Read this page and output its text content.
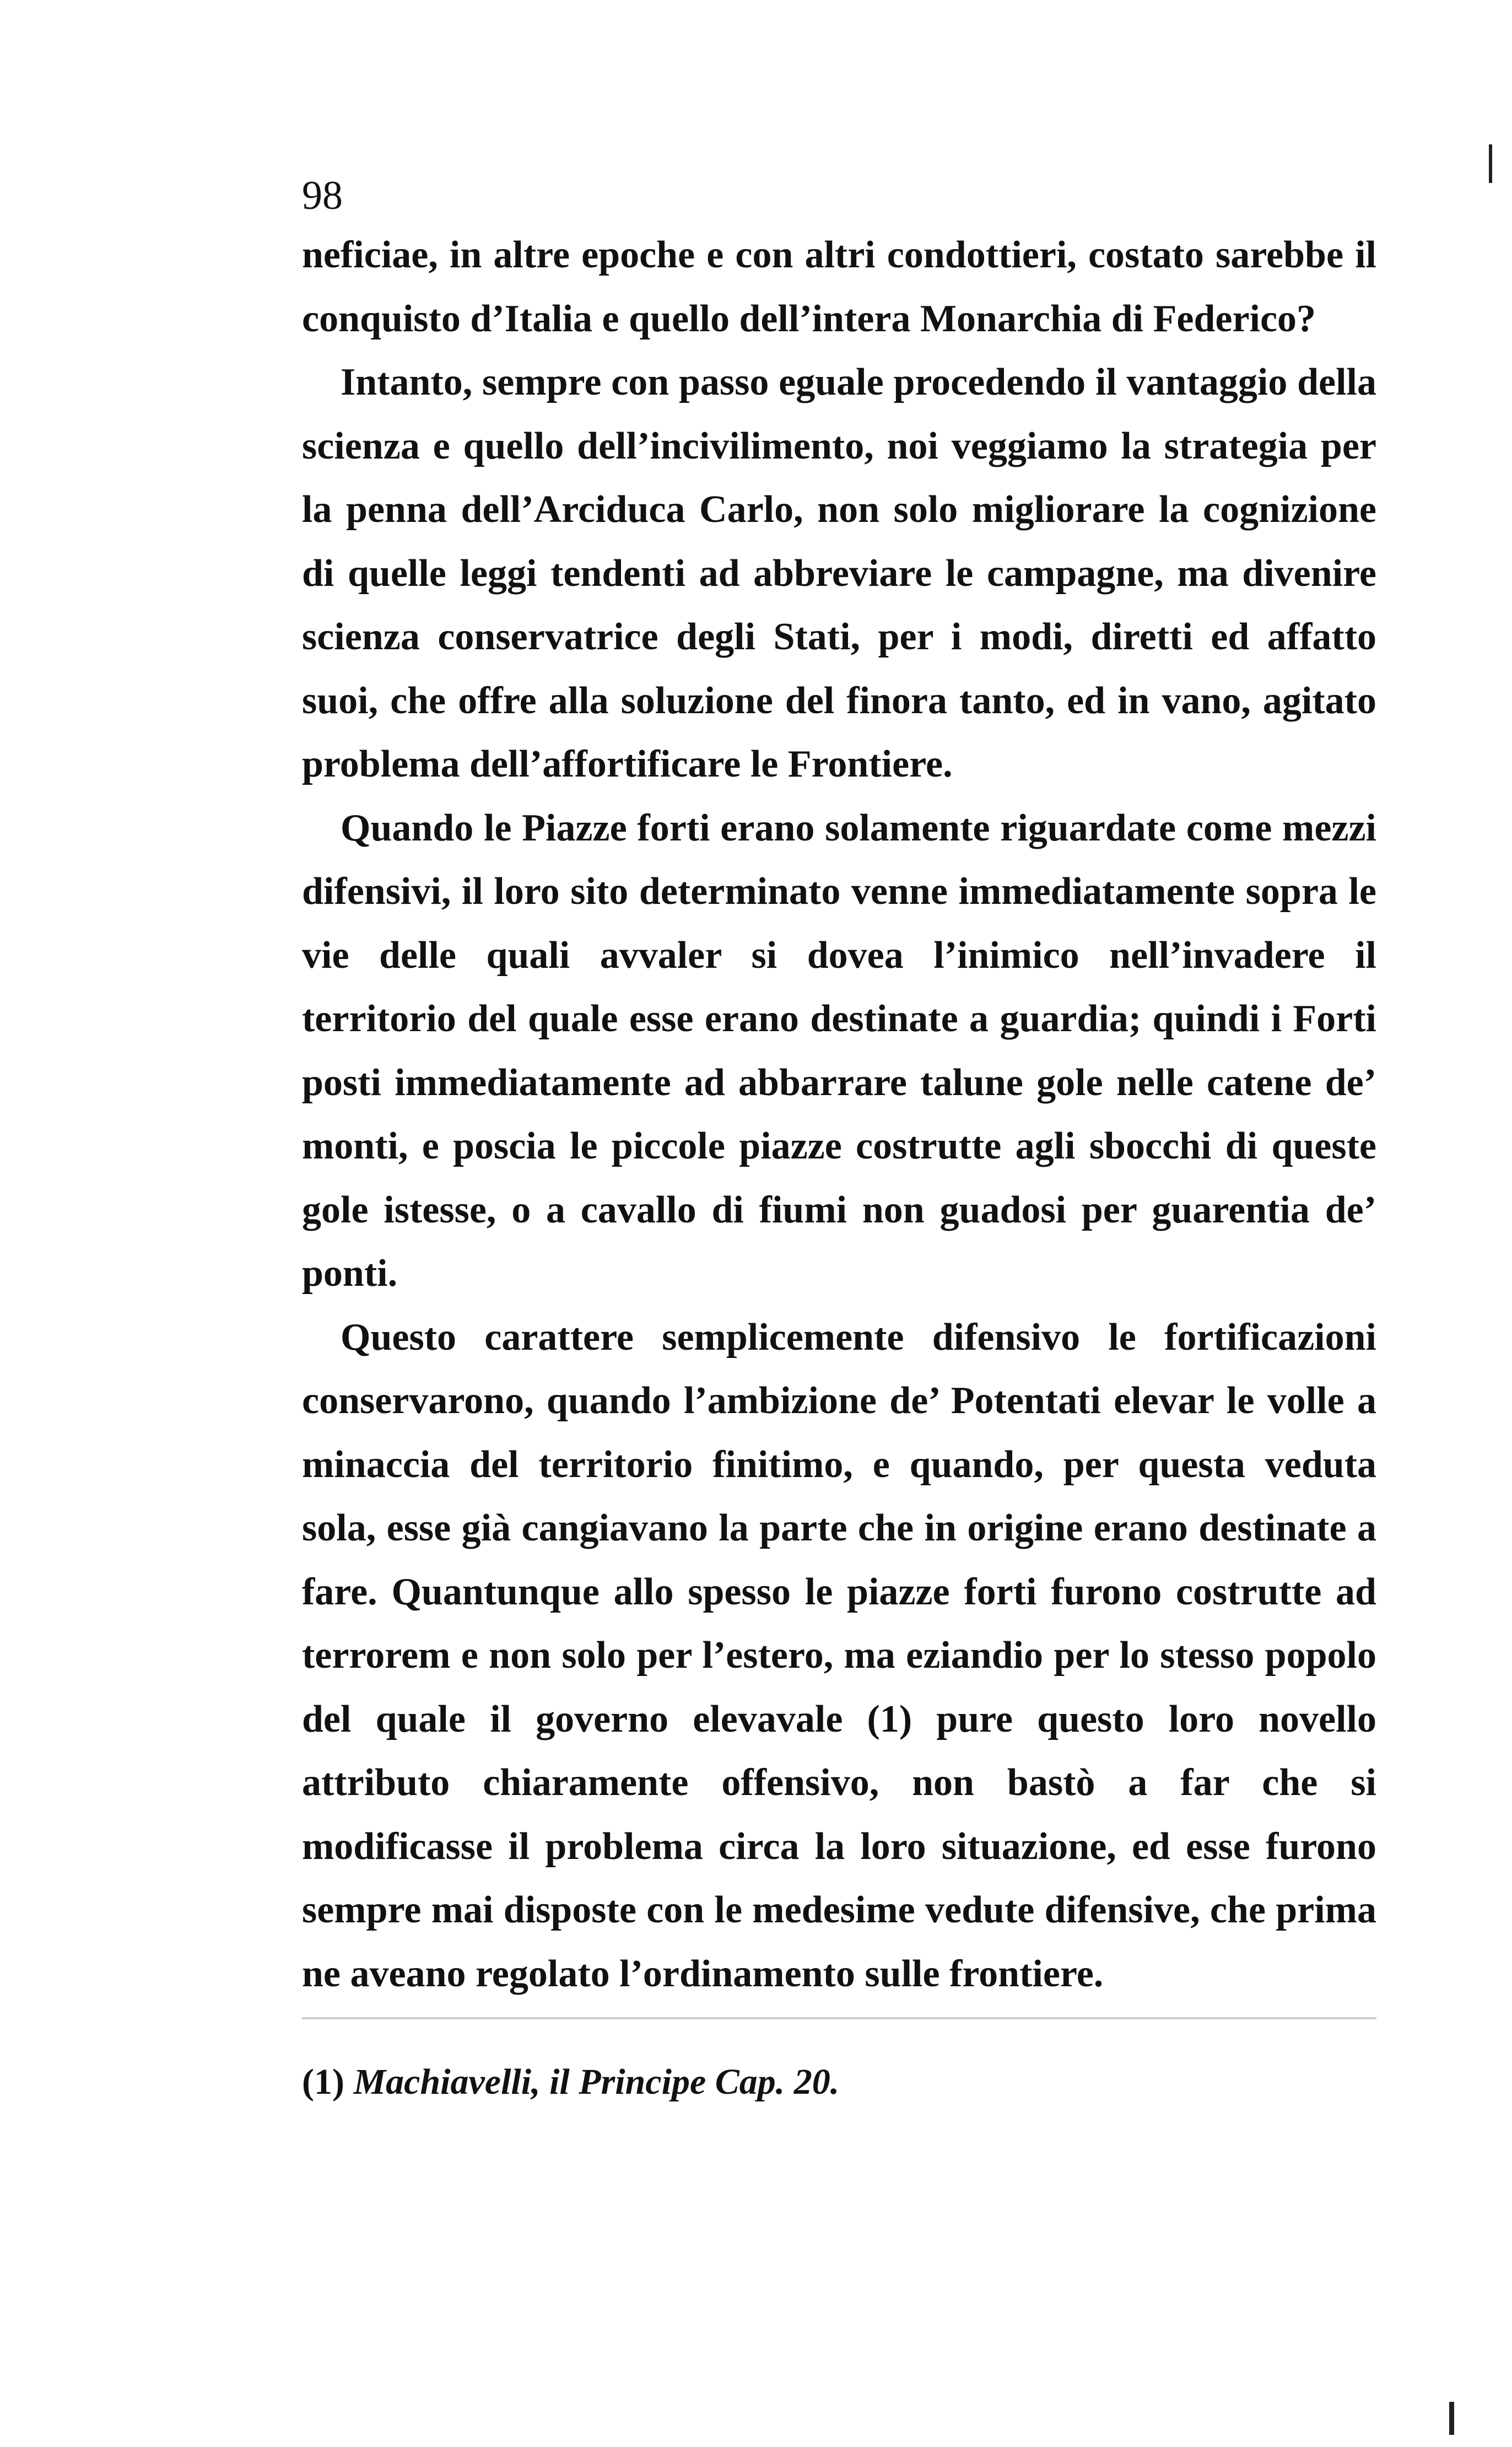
98

neficiae, in altre epoche e con altri condottieri, costato sarebbe il conquisto d’Italia e quello dell’intera Monarchia di Federico?

Intanto, sempre con passo eguale procedendo il vantaggio della scienza e quello dell’incivilimento, noi veggiamo la strategia per la penna dell’Arciduca Carlo, non solo migliorare la cognizione di quelle leggi tendenti ad abbreviare le campagne, ma divenire scienza conservatrice degli Stati, per i modi, diretti ed affatto suoi, che offre alla soluzione del finora tanto, ed in vano, agitato problema dell’affortificare le Frontiere.

Quando le Piazze forti erano solamente riguardate come mezzi difensivi, il loro sito determinato venne immediatamente sopra le vie delle quali avvaler si dovea l’inimico nell’invadere il territorio del quale esse erano destinate a guardia; quindi i Forti posti immediatamente ad abbarrare talune gole nelle catene de’ monti, e poscia le piccole piazze costrutte agli sbocchi di queste gole istesse, o a cavallo di fiumi non guadosi per guarentia de’ ponti.

Questo carattere semplicemente difensivo le fortificazioni conservarono, quando l’ambizione de’ Potentati elevar le volle a minaccia del territorio finitimo, e quando, per questa veduta sola, esse già cangiavano la parte che in origine erano destinate a fare. Quantunque allo spesso le piazze forti furono costrutte ad terrorem e non solo per l’estero, ma eziandio per lo stesso popolo del quale il governo elevavale (1) pure questo loro novello attributo chiaramente offensivo, non bastò a far che si modificasse il problema circa la loro situazione, ed esse furono sempre mai disposte con le medesime vedute difensive, che prima ne aveano regolato l’ordinamento sulle frontiere.

(1) Machiavelli, il Principe Cap. 20.
